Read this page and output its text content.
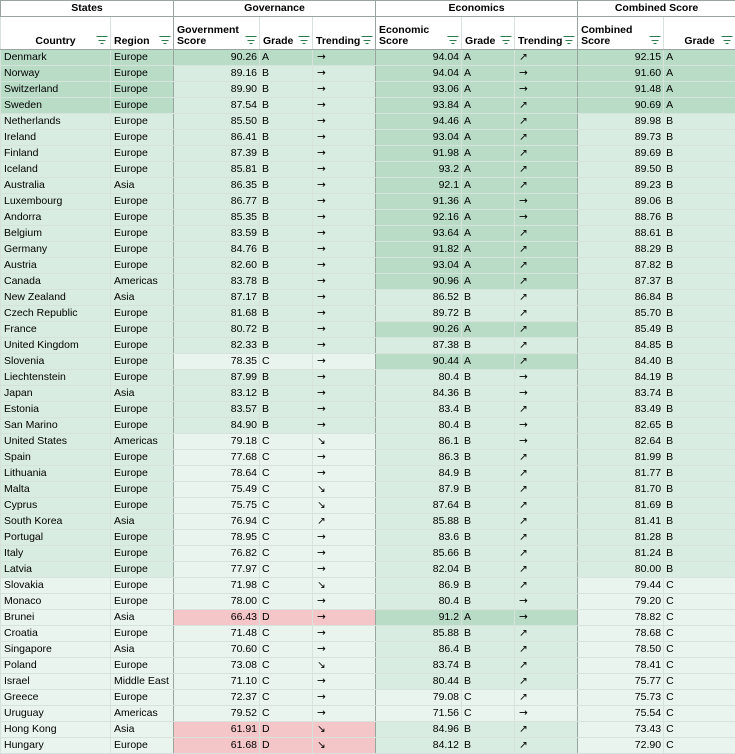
States		Governance			Economics			Combined Score	
Country	Region	Government Score	Grade	Trending	Economic Score	Grade	Trending	Combined Score	Grade

Denmark	Europe	90.26	A	→	94.04	A	↗	92.15	A
Norway	Europe	89.16	B	→	94.04	A	→	91.60	A
Switzerland	Europe	89.90	B	→	93.06	A	→	91.48	A
Sweden	Europe	87.54	B	→	93.84	A	↗	90.69	A
Netherlands	Europe	85.50	B	→	94.46	A	↗	89.98	B
Ireland	Europe	86.41	B	→	93.04	A	↗	89.73	B
Finland	Europe	87.39	B	→	91.98	A	↗	89.69	B
Iceland	Europe	85.81	B	→	93.2	A	↗	89.50	B
Australia	Asia	86.35	B	→	92.1	A	↗	89.23	B
Luxembourg	Europe	86.77	B	→	91.36	A	→	89.06	B
Andorra	Europe	85.35	B	→	92.16	A	→	88.76	B
Belgium	Europe	83.59	B	→	93.64	A	↗	88.61	B
Germany	Europe	84.76	B	→	91.82	A	↗	88.29	B
Austria	Europe	82.60	B	→	93.04	A	↗	87.82	B
Canada	Americas	83.78	B	→	90.96	A	↗	87.37	B
New Zealand	Asia	87.17	B	→	86.52	B	↗	86.84	B
Czech Republic	Europe	81.68	B	→	89.72	B	↗	85.70	B
France	Europe	80.72	B	→	90.26	A	↗	85.49	B
United Kingdom	Europe	82.33	B	→	87.38	B	↗	84.85	B
Slovenia	Europe	78.35	C	→	90.44	A	↗	84.40	B
Liechtenstein	Europe	87.99	B	→	80.4	B	→	84.19	B
Japan	Asia	83.12	B	→	84.36	B	→	83.74	B
Estonia	Europe	83.57	B	→	83.4	B	↗	83.49	B
San Marino	Europe	84.90	B	→	80.4	B	→	82.65	B
United States	Americas	79.18	C	↘	86.1	B	→	82.64	B
Spain	Europe	77.68	C	→	86.3	B	↗	81.99	B
Lithuania	Europe	78.64	C	→	84.9	B	↗	81.77	B
Malta	Europe	75.49	C	↘	87.9	B	↗	81.70	B
Cyprus	Europe	75.75	C	↘	87.64	B	↗	81.69	B
South Korea	Asia	76.94	C	↗	85.88	B	↗	81.41	B
Portugal	Europe	78.95	C	→	83.6	B	↗	81.28	B
Italy	Europe	76.82	C	→	85.66	B	↗	81.24	B
Latvia	Europe	77.97	C	→	82.04	B	↗	80.00	B
Slovakia	Europe	71.98	C	↘	86.9	B	↗	79.44	C
Monaco	Europe	78.00	C	→	80.4	B	→	79.20	C
Brunei	Asia	66.43	D	→	91.2	A	→	78.82	C
Croatia	Europe	71.48	C	→	85.88	B	↗	78.68	C
Singapore	Asia	70.60	C	→	86.4	B	↗	78.50	C
Poland	Europe	73.08	C	↘	83.74	B	↗	78.41	C
Israel	Middle East	71.10	C	→	80.44	B	↗	75.77	C
Greece	Europe	72.37	C	→	79.08	C	↗	75.73	C
Uruguay	Americas	79.52	C	→	71.56	C	→	75.54	C
Hong Kong	Asia	61.91	D	↘	84.96	B	↗	73.43	C
Hungary	Europe	61.68	D	↘	84.12	B	↗	72.90	C
